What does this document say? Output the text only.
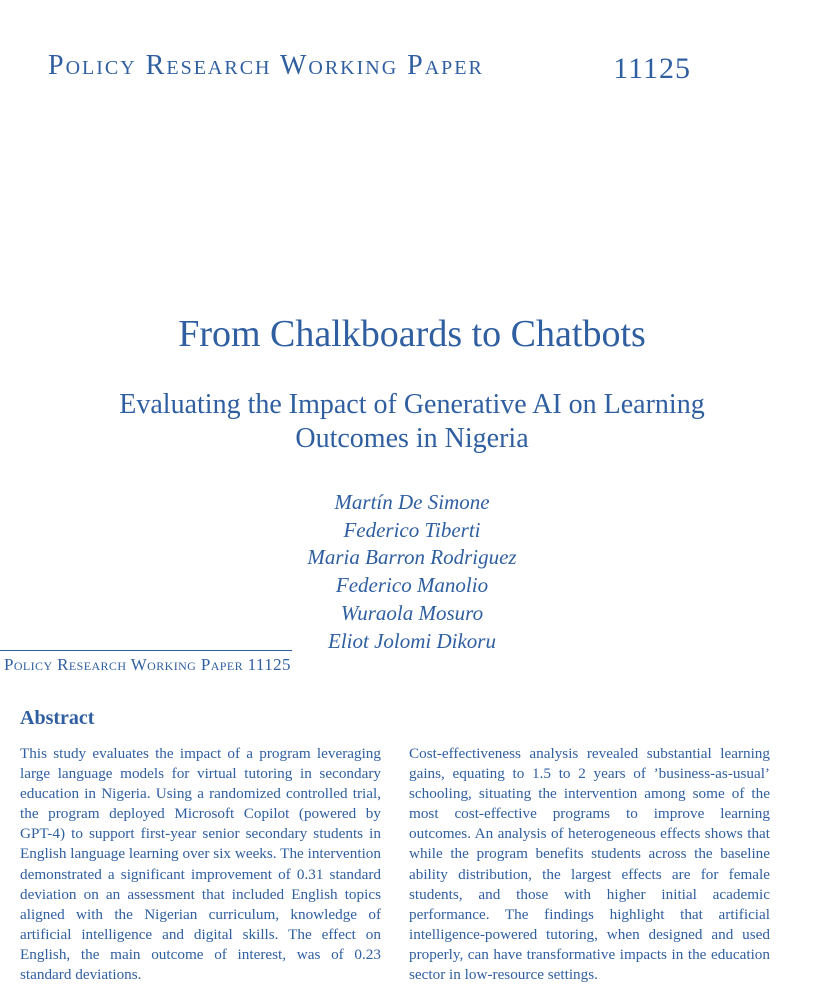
Policy Research Working Paper	11125
From Chalkboards to Chatbots
Evaluating the Impact of Generative AI on Learning Outcomes in Nigeria
Martín De Simone
Federico Tiberti
Maria Barron Rodriguez
Federico Manolio
Wuraola Mosuro
Eliot Jolomi Dikoru
Policy Research Working Paper 11125
Abstract

This study evaluates the impact of a program leveraging large language models for virtual tutoring in secondary education in Nigeria. Using a randomized controlled trial, the program deployed Microsoft Copilot (powered by GPT-4) to support first-year senior secondary students in English language learning over six weeks. The intervention demonstrated a significant improvement of 0.31 standard deviation on an assessment that included English topics aligned with the Nigerian curriculum, knowledge of artificial intelligence and digital skills. The effect on English, the main outcome of interest, was of 0.23 standard deviations.

Cost-effectiveness analysis revealed substantial learning gains, equating to 1.5 to 2 years of ’business-as-usual’ schooling, situating the intervention among some of the most cost-effective programs to improve learning outcomes. An analysis of heterogeneous effects shows that while the program benefits students across the baseline ability distribution, the largest effects are for female students, and those with higher initial academic performance. The findings highlight that artificial intelligence-powered tutoring, when designed and used properly, can have transformative impacts in the education sector in low-resource settings.
